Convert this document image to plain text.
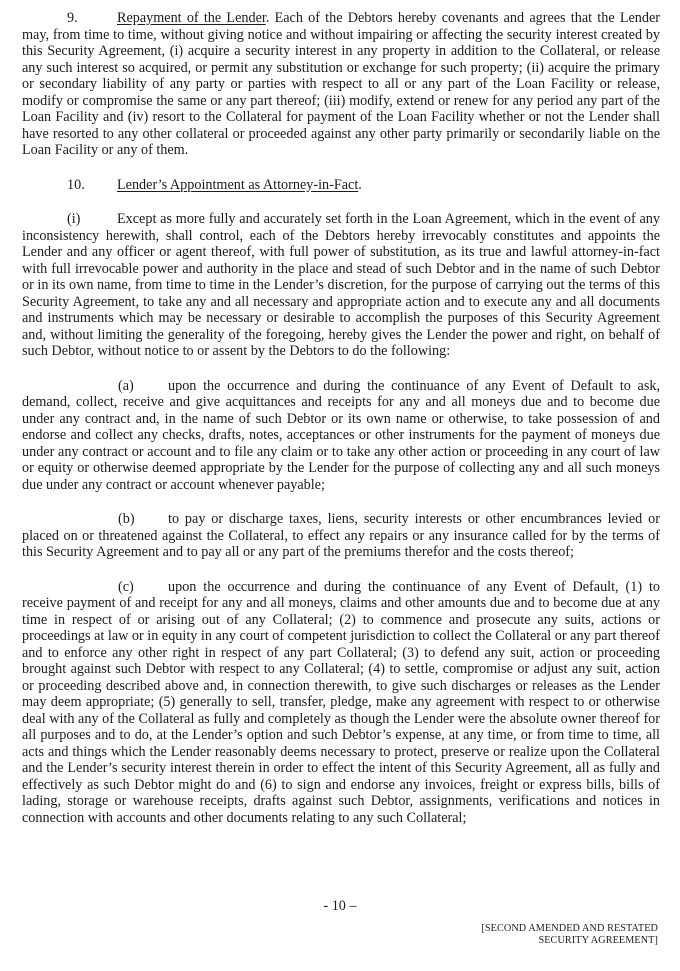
9.	Repayment of the Lender. Each of the Debtors hereby covenants and agrees that the Lender may, from time to time, without giving notice and without impairing or affecting the security interest created by this Security Agreement, (i) acquire a security interest in any property in addition to the Collateral, or release any such interest so acquired, or permit any substitution or exchange for such property; (ii) acquire the primary or secondary liability of any party or parties with respect to all or any part of the Loan Facility or release, modify or compromise the same or any part thereof; (iii) modify, extend or renew for any period any part of the Loan Facility and (iv) resort to the Collateral for payment of the Loan Facility whether or not the Lender shall have resorted to any other collateral or proceeded against any other party primarily or secondarily liable on the Loan Facility or any of them.

10. Lender’s Appointment as Attorney-in-Fact.

(i)	Except as more fully and accurately set forth in the Loan Agreement, which in the event of any inconsistency herewith, shall control, each of the Debtors hereby irrevocably constitutes and appoints the Lender and any officer or agent thereof, with full power of substitution, as its true and lawful attorney-in-fact with full irrevocable power and authority in the place and stead of such Debtor and in the name of such Debtor or in its own name, from time to time in the Lender’s discretion, for the purpose of carrying out the terms of this Security Agreement, to take any and all necessary and appropriate action and to execute any and all documents and instruments which may be necessary or desirable to accomplish the purposes of this Security Agreement and, without limiting the generality of the foregoing, hereby gives the Lender the power and right, on behalf of such Debtor, without notice to or assent by the Debtors to do the following:

(a) upon the occurrence and during the continuance of any Event of Default to ask, demand, collect, receive and give acquittances and receipts for any and all moneys due and to become due under any contract and, in the name of such Debtor or its own name or otherwise, to take possession of and endorse and collect any checks, drafts, notes, acceptances or other instruments for the payment of moneys due under any contract or account and to file any claim or to take any other action or proceeding in any court of law or equity or otherwise deemed appropriate by the Lender for the purpose of collecting any and all such moneys due under any contract or account whenever payable;

(b) to pay or discharge taxes, liens, security interests or other encumbrances levied or placed on or threatened against the Collateral, to effect any repairs or any insurance called for by the terms of this Security Agreement and to pay all or any part of the premiums therefor and the costs thereof;

(c) upon the occurrence and during the continuance of any Event of Default, (1) to receive payment of and receipt for any and all moneys, claims and other amounts due and to become due at any time in respect of or arising out of any Collateral; (2) to commence and prosecute any suits, actions or proceedings at law or in equity in any court of competent jurisdiction to collect the Collateral or any part thereof and to enforce any other right in respect of any part Collateral; (3) to defend any suit, action or proceeding brought against such Debtor with respect to any Collateral; (4) to settle, compromise or adjust any suit, action or proceeding described above and, in connection therewith, to give such discharges or releases as the Lender may deem appropriate; (5) generally to sell, transfer, pledge, make any agreement with respect to or otherwise deal with any of the Collateral as fully and completely as though the Lender were the absolute owner thereof for all purposes and to do, at the Lender’s option and such Debtor’s expense, at any time, or from time to time, all acts and things which the Lender reasonably deems necessary to protect, preserve or realize upon the Collateral and the Lender’s security interest therein in order to effect the intent of this Security Agreement, all as fully and effectively as such Debtor might do and (6) to sign and endorse any invoices, freight or express bills, bills of lading, storage or warehouse receipts, drafts against such Debtor, assignments, verifications and notices in connection with accounts and other documents relating to any such Collateral;

- 10 –
[SECOND AMENDED AND RESTATED
SECURITY AGREEMENT]
